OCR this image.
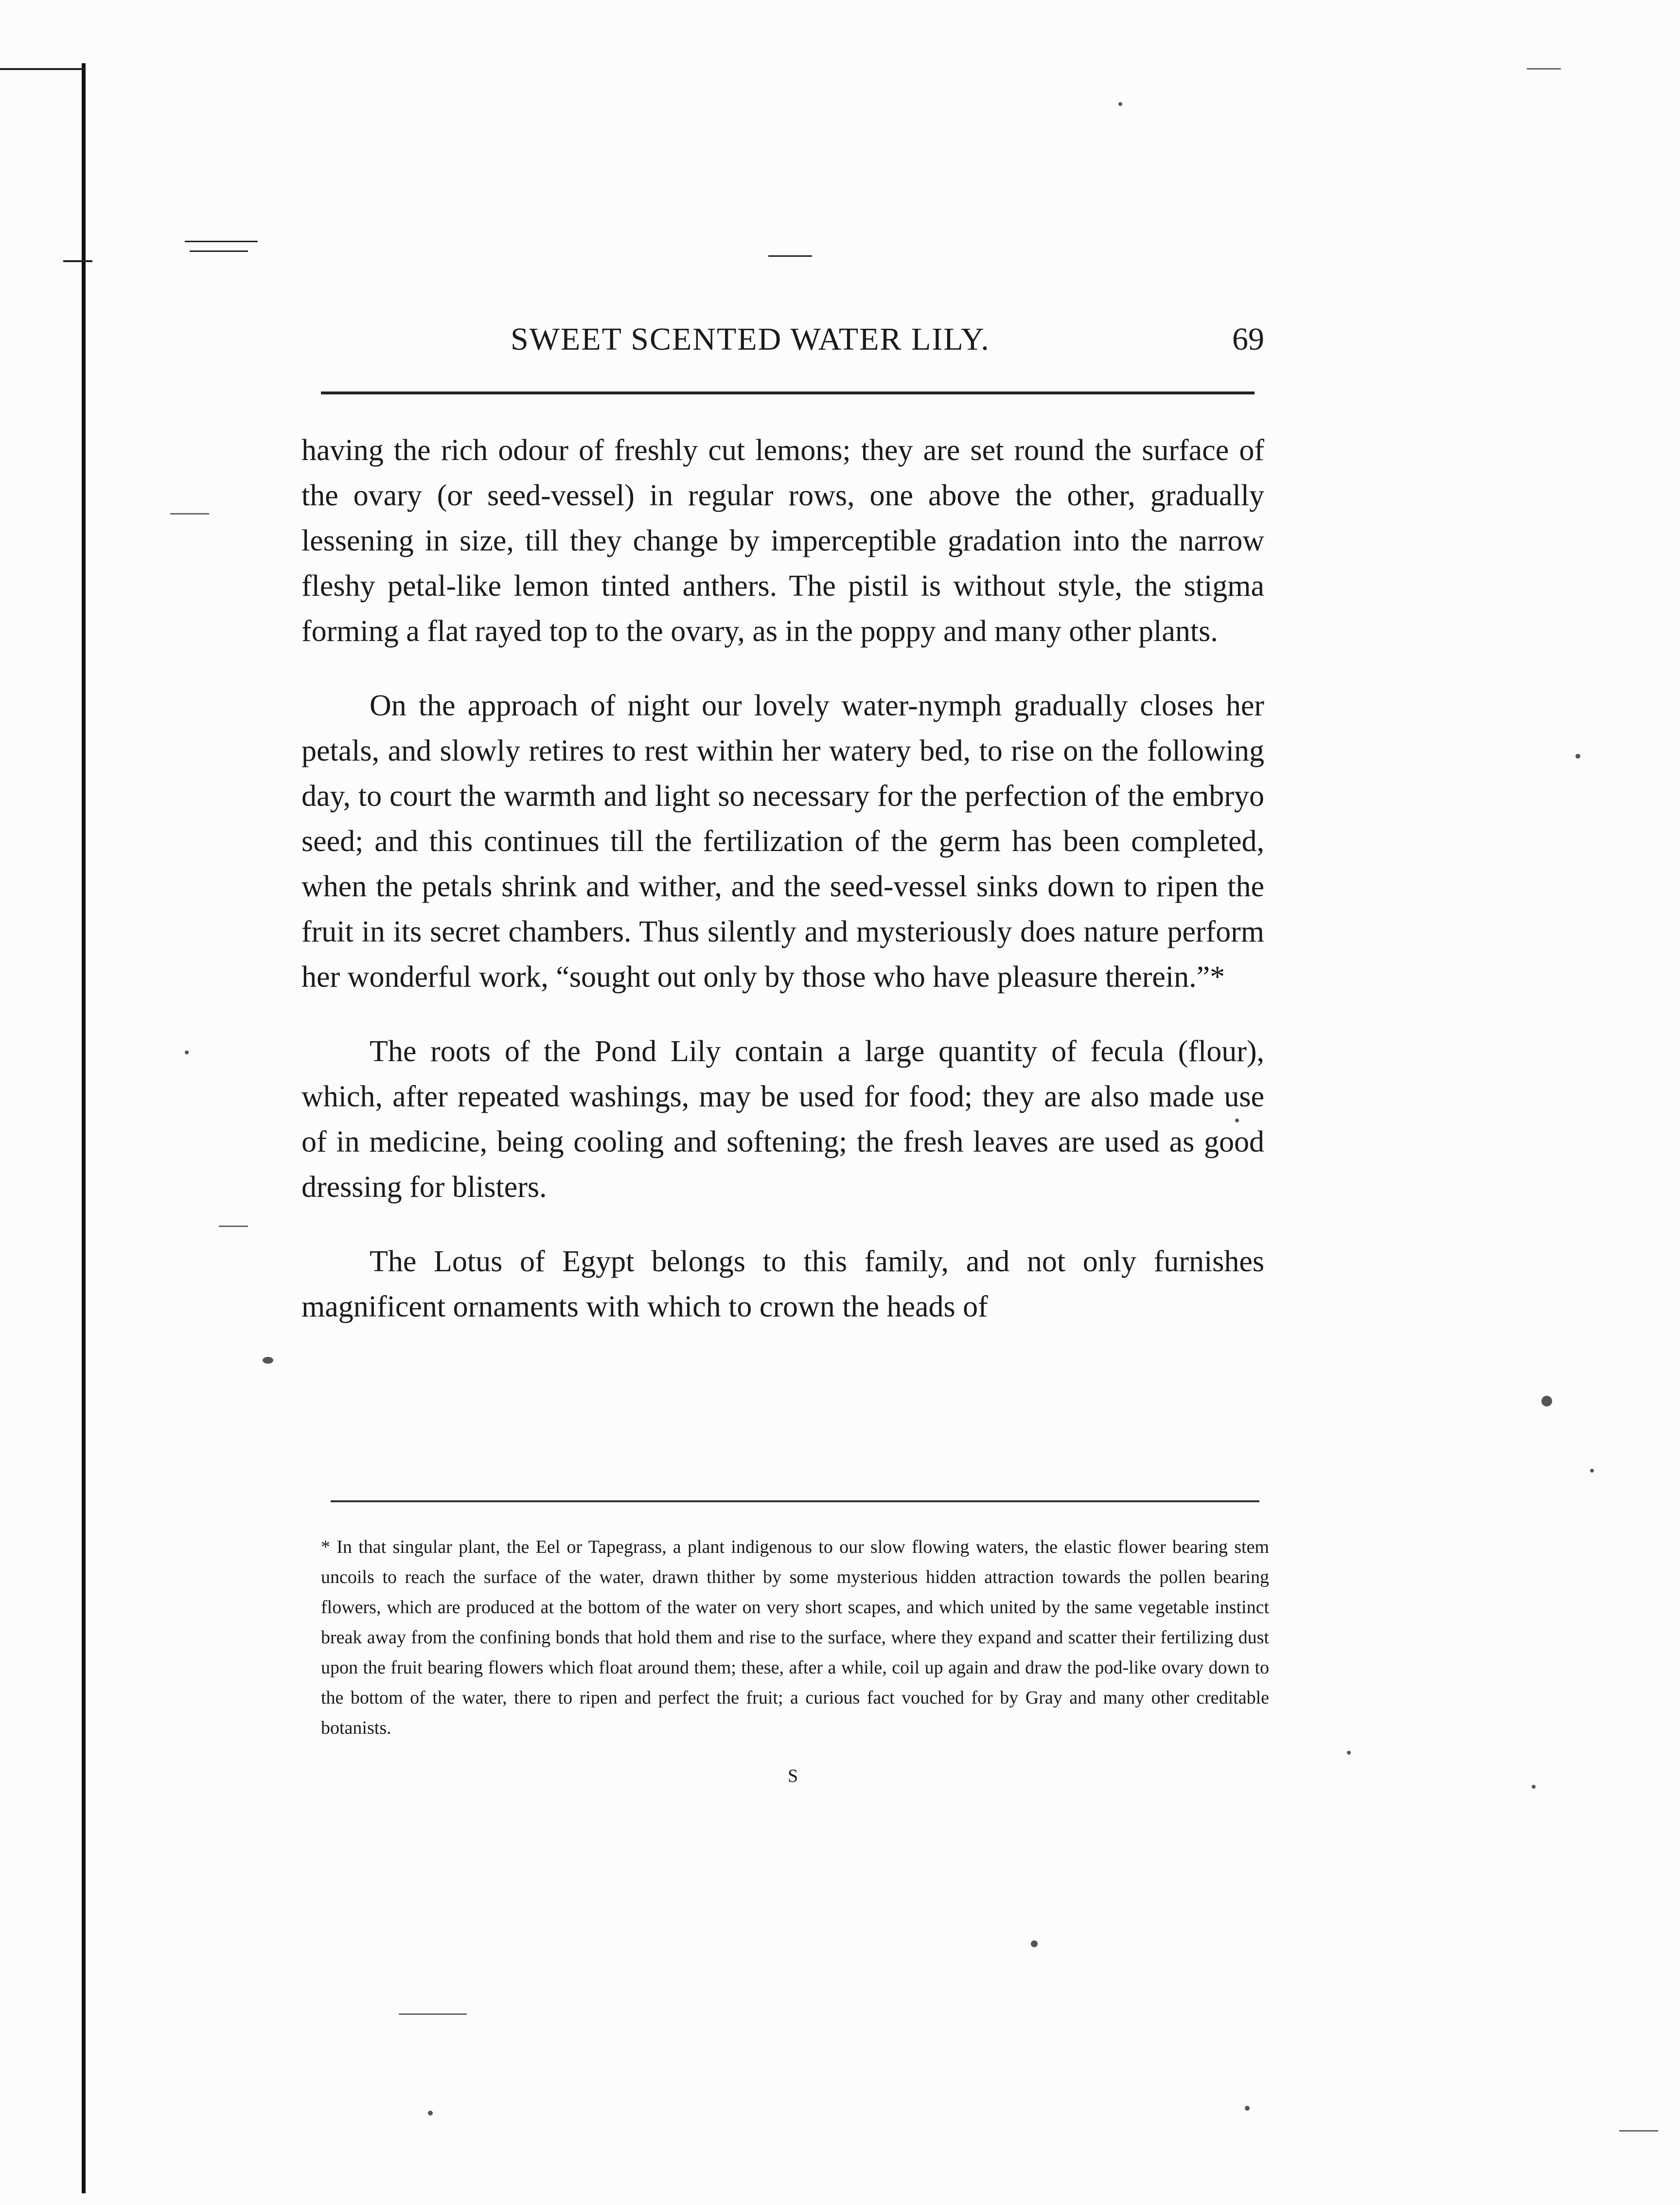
SWEET SCENTED WATER LILY.	69

having the rich odour of freshly cut lemons; they are set round the surface of the ovary (or seed-vessel) in regular rows, one above the other, gradually lessening in size, till they change by imperceptible gradation into the narrow fleshy petal-like lemon tinted anthers. The pistil is without style, the stigma forming a flat rayed top to the ovary, as in the poppy and many other plants.

On the approach of night our lovely water-nymph gradually closes her petals, and slowly retires to rest within her watery bed, to rise on the following day, to court the warmth and light so necessary for the perfection of the embryo seed; and this continues till the fertilization of the germ has been completed, when the petals shrink and wither, and the seed-vessel sinks down to ripen the fruit in its secret chambers. Thus silently and mysteriously does nature perform her wonderful work, “sought out only by those who have pleasure therein.”*

The roots of the Pond Lily contain a large quantity of fecula (flour), which, after repeated washings, may be used for food; they are also made use of in medicine, being cooling and softening; the fresh leaves are used as good dressing for blisters.

The Lotus of Egypt belongs to this family, and not only furnishes magnificent ornaments with which to crown the heads of

* In that singular plant, the Eel or Tapegrass, a plant indigenous to our slow flowing waters, the elastic flower bearing stem uncoils to reach the surface of the water, drawn thither by some mysterious hidden attraction towards the pollen bearing flowers, which are produced at the bottom of the water on very short scapes, and which united by the same vegetable instinct break away from the confining bonds that hold them and rise to the surface, where they expand and scatter their fertilizing dust upon the fruit bearing flowers which float around them; these, after a while, coil up again and draw the pod-like ovary down to the bottom of the water, there to ripen and perfect the fruit; a curious fact vouched for by Gray and many other creditable botanists.
S
